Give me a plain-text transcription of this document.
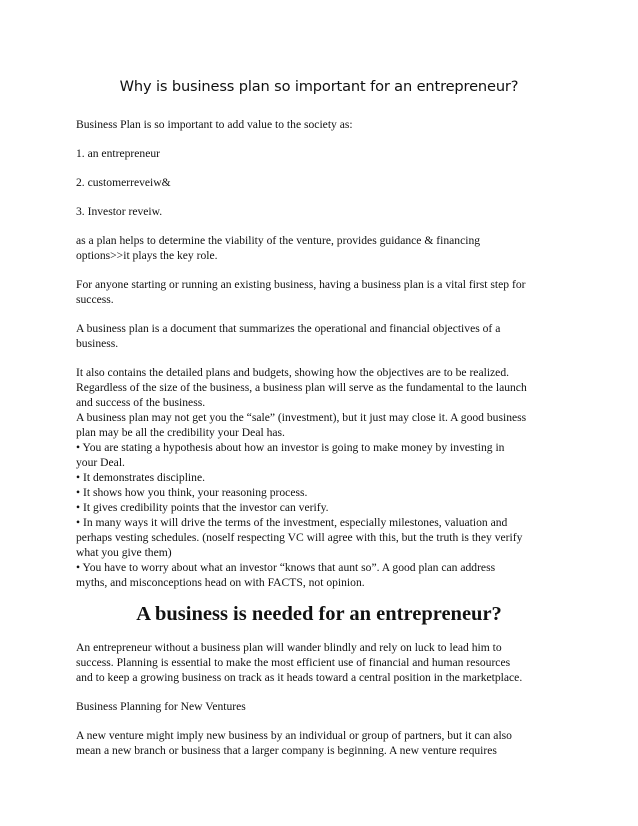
Why is business plan so important for an entrepreneur?

Business Plan is so important to add value to the society as:

1. an entrepreneur

2. customerreveiw&

3. Investor reveiw.

as a plan helps to determine the viability of the venture, provides guidance & financing

options>>it plays the key role.

For anyone starting or running an existing business, having a business plan is a vital first step for

success.

A business plan is a document that summarizes the operational and financial objectives of a

business.

It also contains the detailed plans and budgets, showing how the objectives are to be realized.

Regardless of the size of the business, a business plan will serve as the fundamental to the launch

and success of the business.

A business plan may not get you the “sale” (investment), but it just may close it. A good business

plan may be all the credibility your Deal has.

• You are stating a hypothesis about how an investor is going to make money by investing in

your Deal.

• It demonstrates discipline.

• It shows how you think, your reasoning process.

• It gives credibility points that the investor can verify.

• In many ways it will drive the terms of the investment, especially milestones, valuation and

perhaps vesting schedules. (noself respecting VC will agree with this, but the truth is they verify

what you give them)

• You have to worry about what an investor “knows that aunt so”. A good plan can address

myths, and misconceptions head on with FACTS, not opinion.

A business is needed for an entrepreneur?

An entrepreneur without a business plan will wander blindly and rely on luck to lead him to

success. Planning is essential to make the most efficient use of financial and human resources

and to keep a growing business on track as it heads toward a central position in the marketplace.

Business Planning for New Ventures

A new venture might imply new business by an individual or group of partners, but it can also

mean a new branch or business that a larger company is beginning. A new venture requires
